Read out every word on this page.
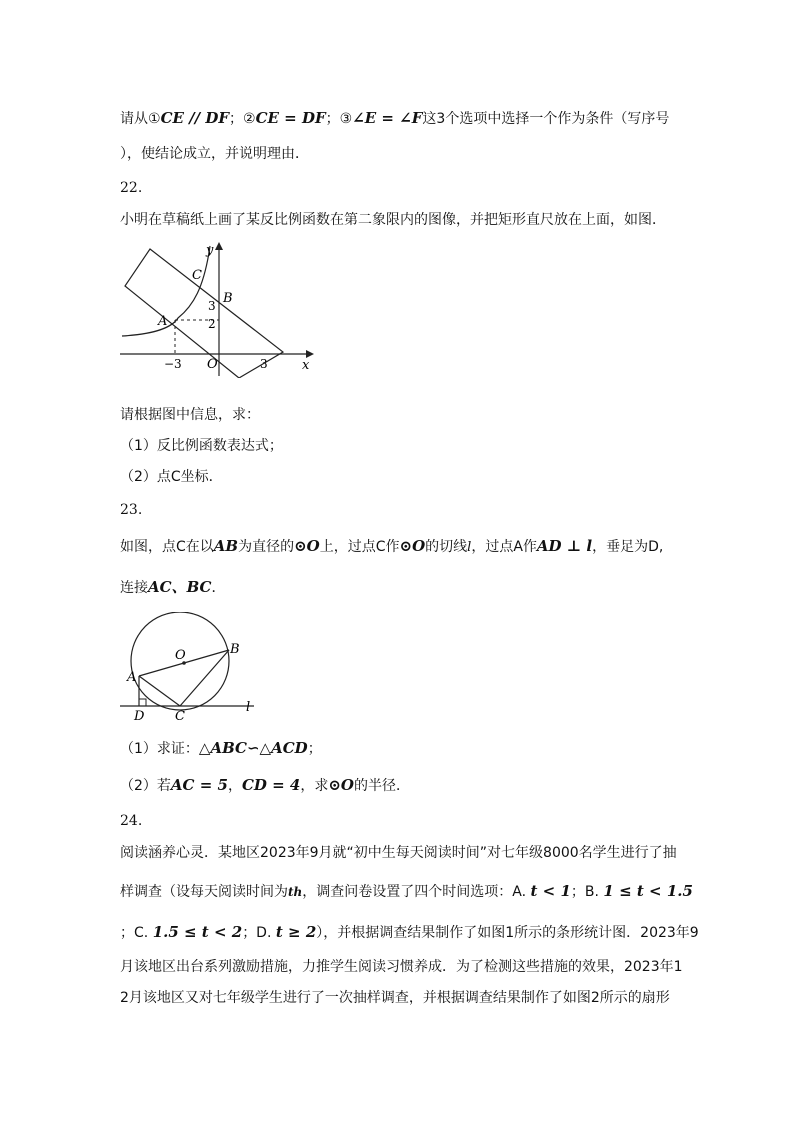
请从①CE // DF；②CE = DF；③∠E = ∠F这3个选项中选择一个作为条件（写序号
），使结论成立，并说明理由．
22.
小明在草稿纸上画了某反比例函数在第二象限内的图像，并把矩形直尺放在上面，如图．
y
C
B
3
A	2
−3 O	3	x
请根据图中信息，求：
（1）反比例函数表达式；
（2）点C坐标．
23.
如图，点C在以AB为直径的⊙O上，过点C作⊙O的切线l，过点A作AD ⊥ l，垂足为D,
连接AC、BC．
O	B
A
D C
l
（1）求证：△ABC∽△ACD；
（2）若AC = 5，CD = 4，求⊙O的半径．
24.
阅读涵养心灵．某地区2023年9月就“初中生每天阅读时间”对七年级8000名学生进行了抽
样调查（设每天阅读时间为th，调查问卷设置了四个时间选项：A. t < 1；B. 1 ≤ t < 1.5
；C. 1.5 ≤ t < 2；D. t ≥ 2），并根据调查结果制作了如图1所示的条形统计图．2023年9
月该地区出台系列激励措施，力推学生阅读习惯养成．为了检测这些措施的效果，2023年1
2月该地区又对七年级学生进行了一次抽样调查，并根据调查结果制作了如图2所示的扇形
